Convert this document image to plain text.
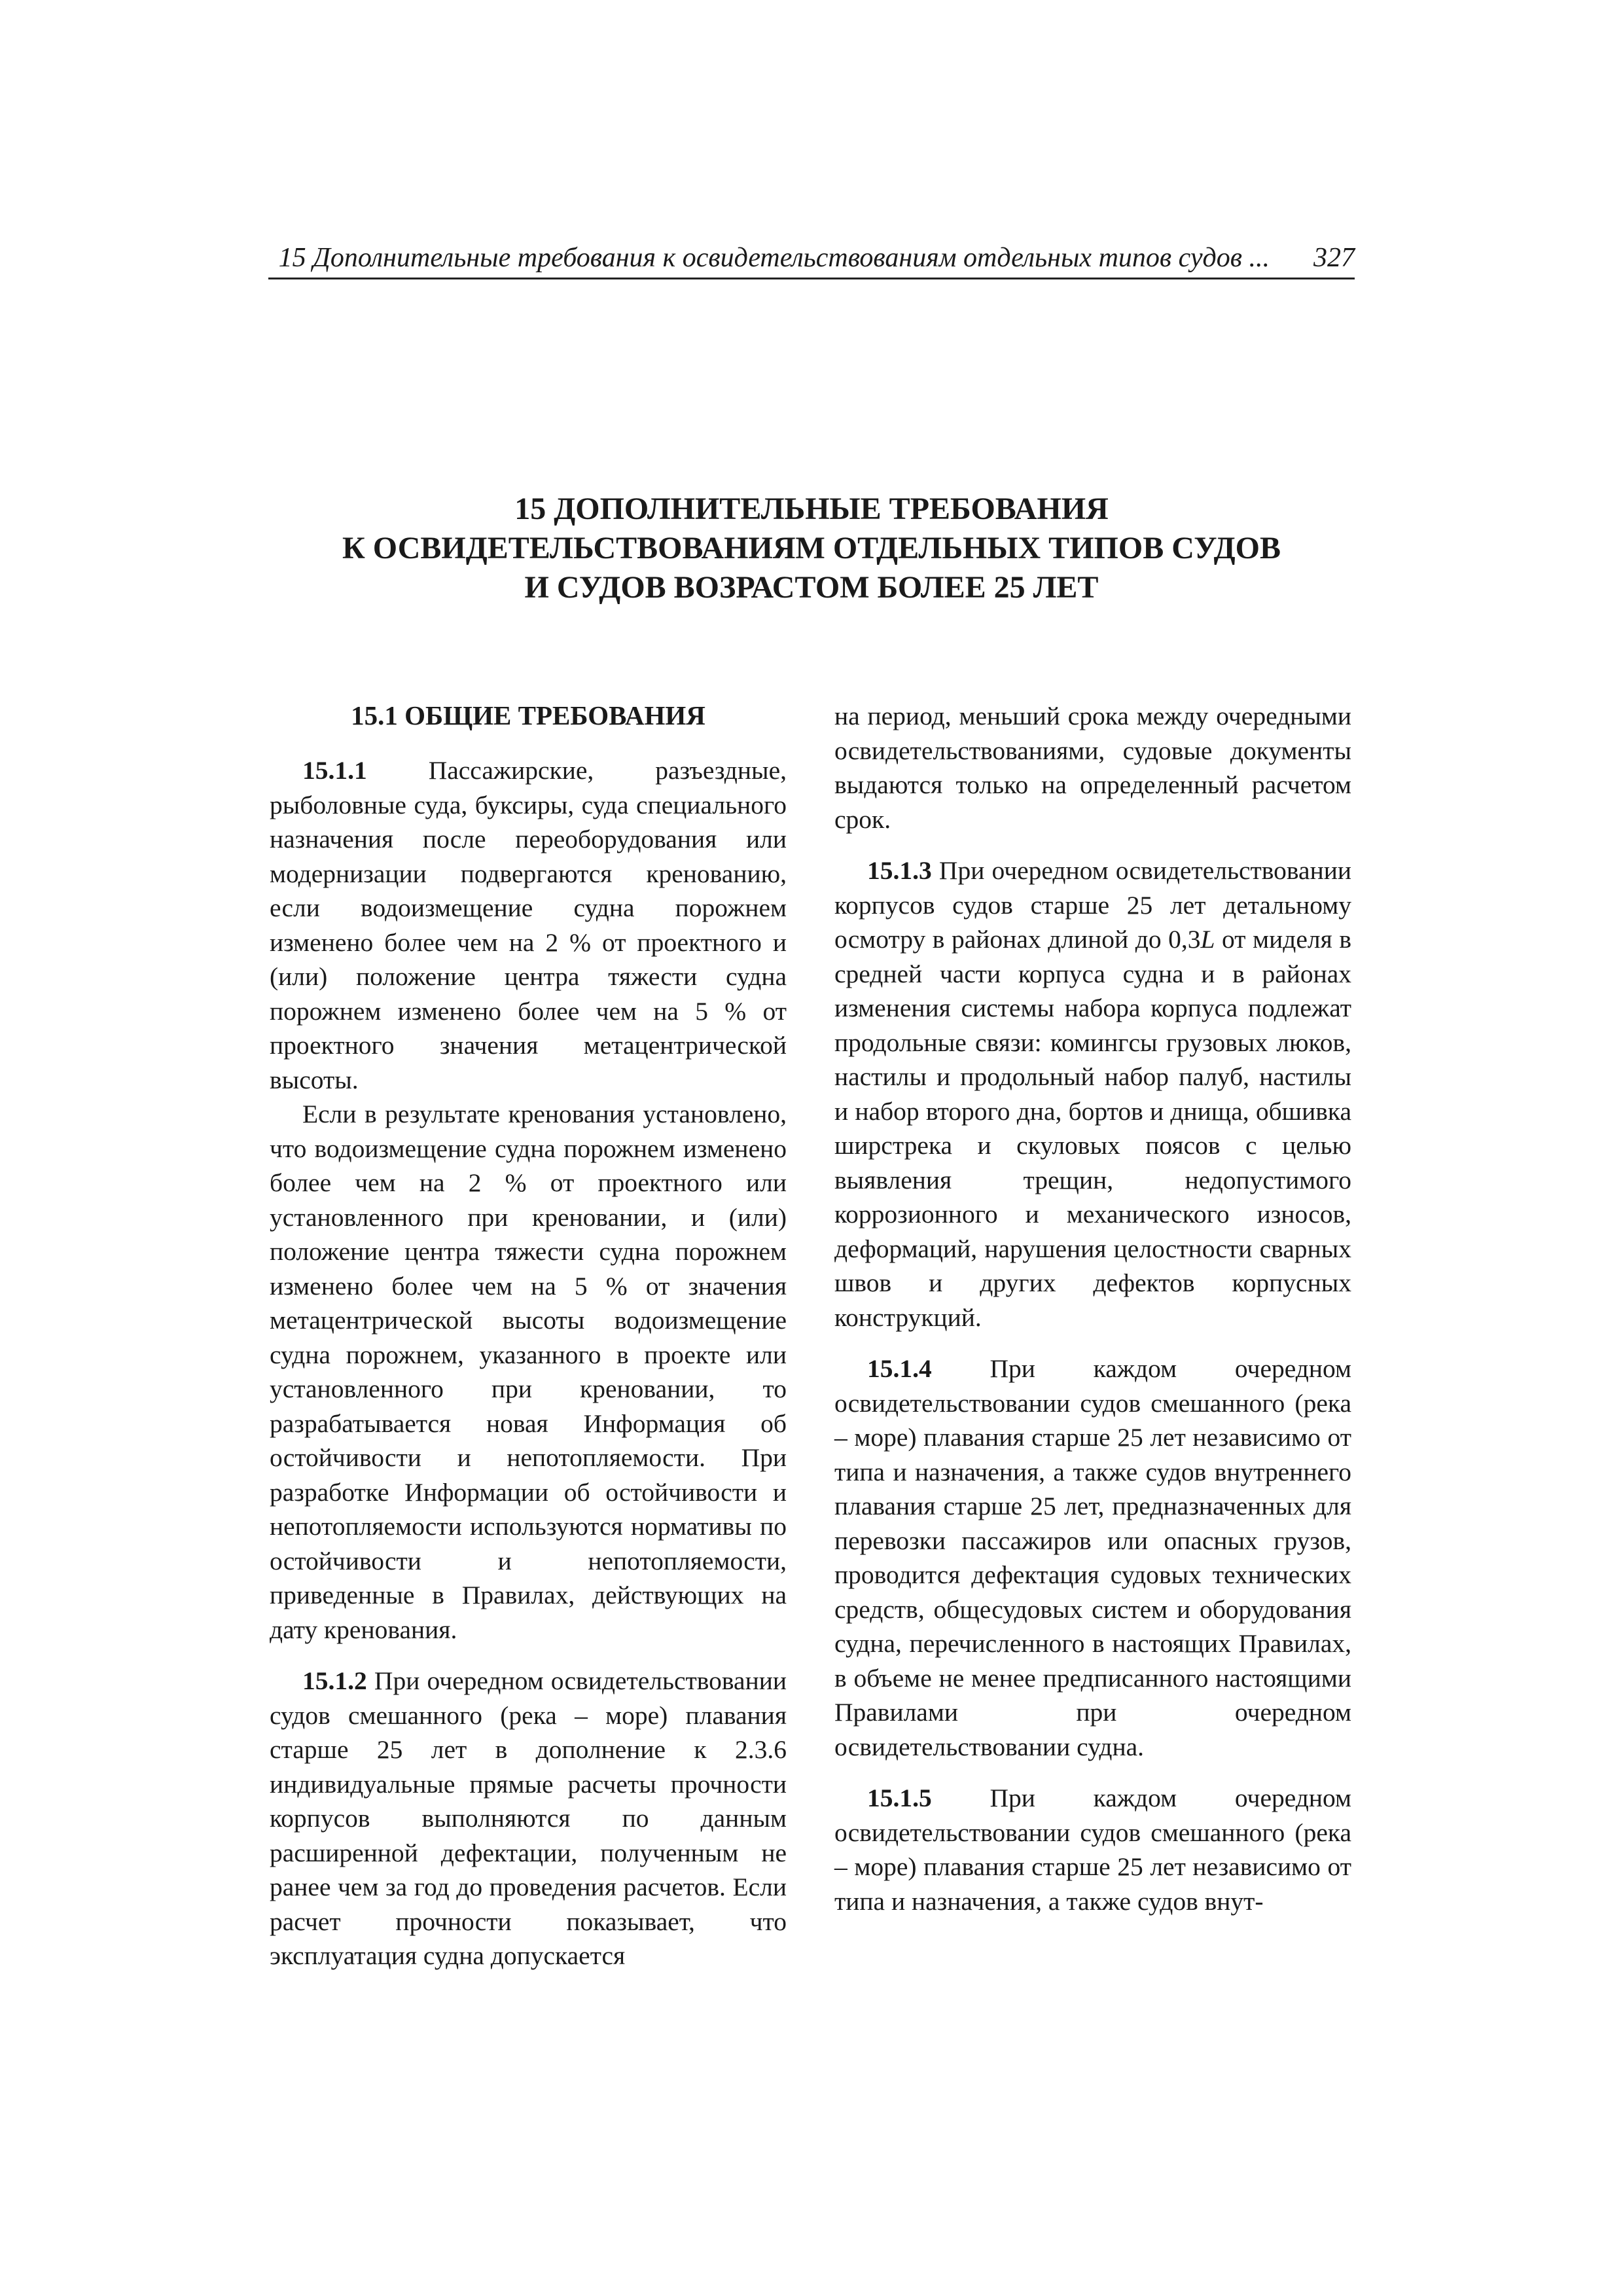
15 Дополнительные требования к освидетельствованиям отдельных типов судов ... 327
15 ДОПОЛНИТЕЛЬНЫЕ ТРЕБОВАНИЯ
К ОСВИДЕТЕЛЬСТВОВАНИЯМ ОТДЕЛЬНЫХ ТИПОВ СУДОВ
И СУДОВ ВОЗРАСТОМ БОЛЕЕ 25 ЛЕТ
15.1 ОБЩИЕ ТРЕБОВАНИЯ

15.1.1 Пассажирские, разъездные, рыболовные суда, буксиры, суда специального назначения после переоборудования или модернизации подвергаются кренованию, если водоизмещение судна порожнем изменено более чем на 2 % от проектного и (или) положение центра тяжести судна порожнем изменено более чем на 5 % от проектного значения метацентрической высоты.

Если в результате кренования установлено, что водоизмещение судна порожнем изменено более чем на 2 % от проектного или установленного при креновании, и (или) положение центра тяжести судна порожнем изменено более чем на 5 % от значения метацентрической высоты водоизмещение судна порожнем, указанного в проекте или установленного при креновании, то разрабатывается новая Информация об остойчивости и непотопляемости. При разработке Информации об остойчивости и непотопляемости используются нормативы по остойчивости и непотопляемости, приведенные в Правилах, действующих на дату кренования.

15.1.2 При очередном освидетельствовании судов смешанного (река – море) плавания старше 25 лет в дополнение к 2.3.6 индивидуальные прямые расчеты прочности корпусов выполняются по данным расширенной дефектации, полученным не ранее чем за год до проведения расчетов. Если расчет прочности показывает, что эксплуатация судна допускается

на период, меньший срока между очередными освидетельствованиями, судовые документы выдаются только на определенный расчетом срок.

15.1.3 При очередном освидетельствовании корпусов судов старше 25 лет детальному осмотру в районах длиной до 0,3L от миделя в средней части корпуса судна и в районах изменения системы набора корпуса подлежат продольные связи: комингсы грузовых люков, настилы и продольный набор палуб, настилы и набор второго дна, бортов и днища, обшивка ширстрека и скуловых поясов с целью выявления трещин, недопустимого коррозионного и механического износов, деформаций, нарушения целостности сварных швов и других дефектов корпусных конструкций.

15.1.4 При каждом очередном освидетельствовании судов смешанного (река – море) плавания старше 25 лет независимо от типа и назначения, а также судов внутреннего плавания старше 25 лет, предназначенных для перевозки пассажиров или опасных грузов, проводится дефектация судовых технических средств, общесудовых систем и оборудования судна, перечисленного в настоящих Правилах, в объеме не менее предписанного настоящими Правилами при очередном освидетельствовании судна.

15.1.5 При каждом очередном освидетельствовании судов смешанного (река – море) плавания старше 25 лет независимо от типа и назначения, а также судов внут-
